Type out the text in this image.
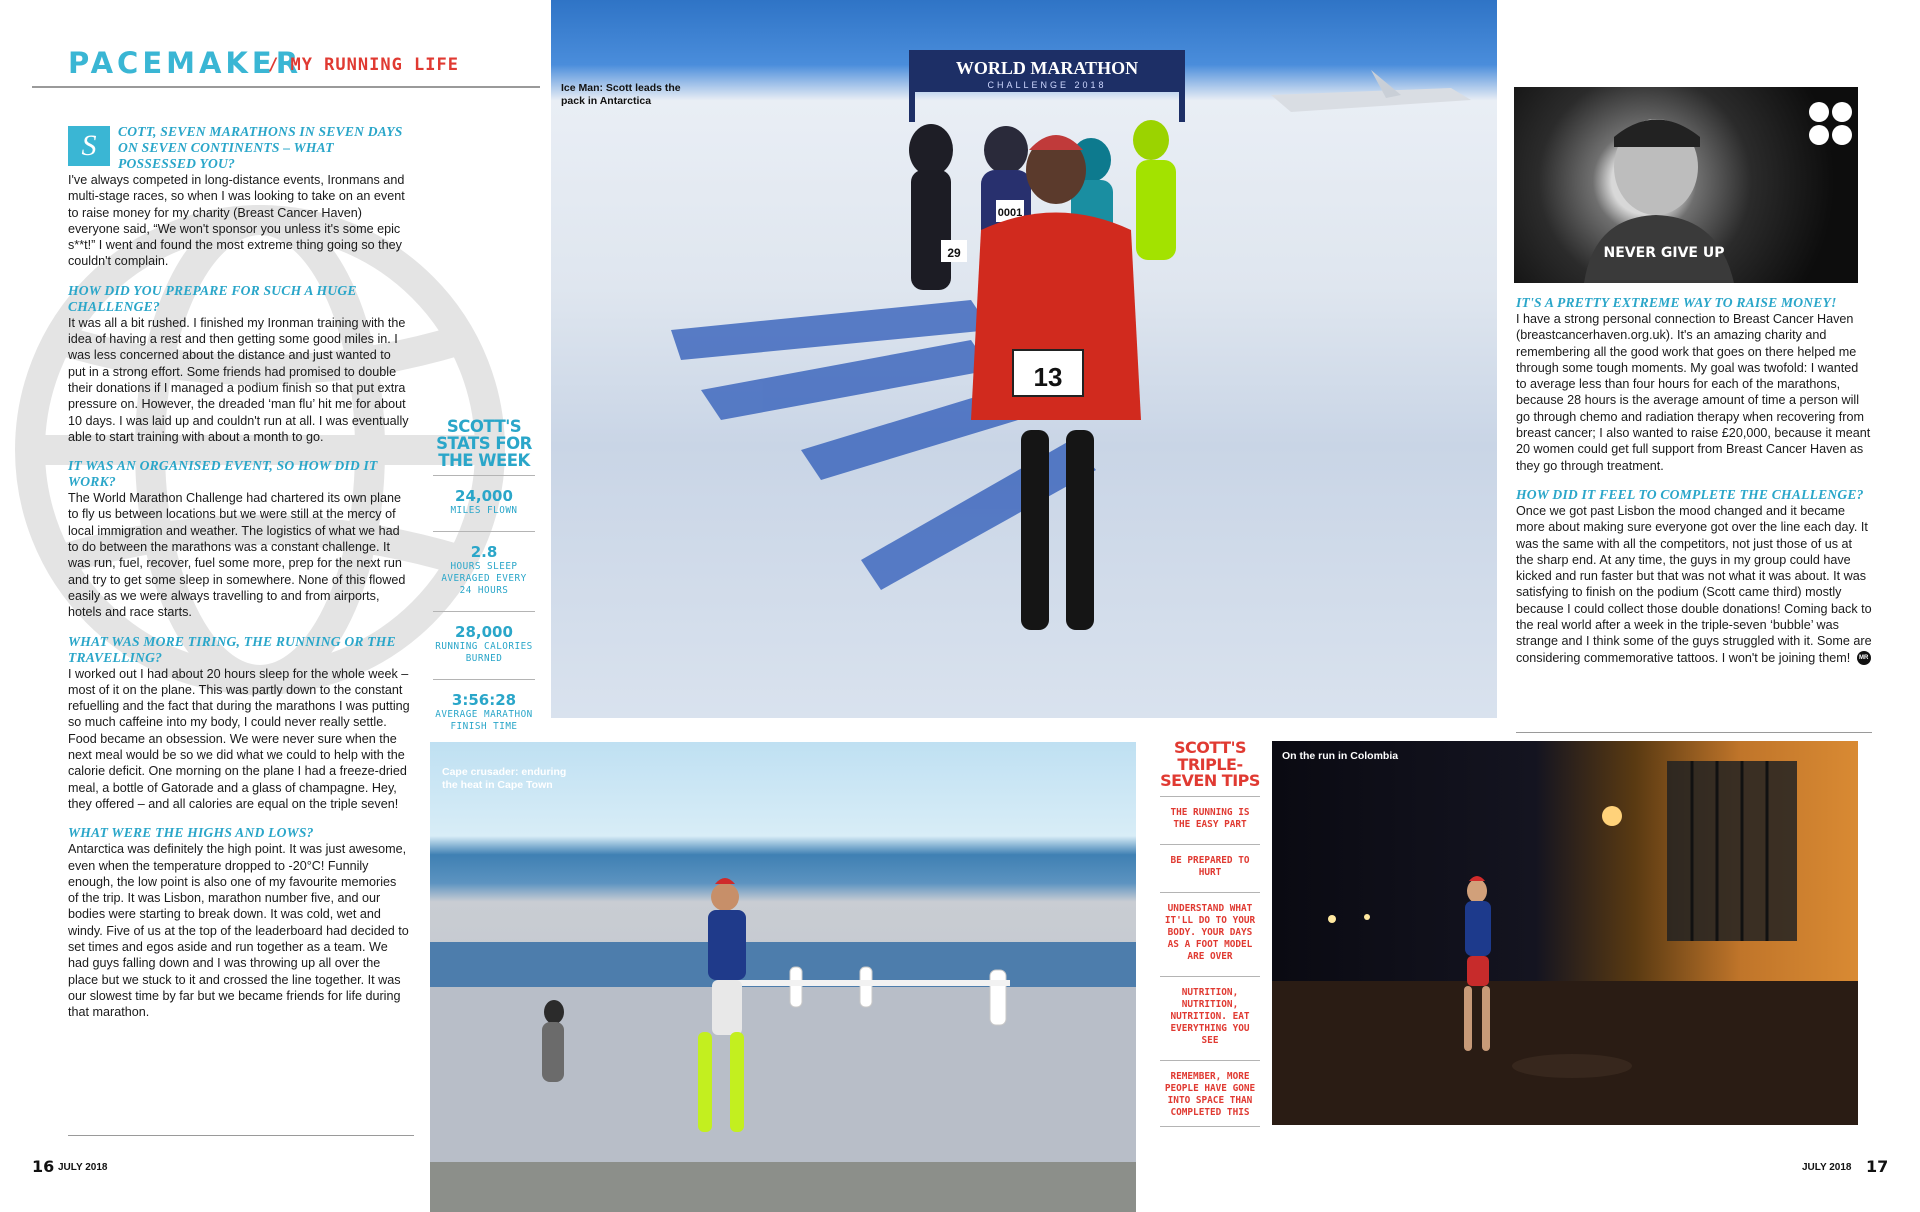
PACEMAKER
/ MY RUNNING LIFE

S	COTT, SEVEN MARATHONS IN SEVEN DAYS ON SEVEN CONTINENTS – WHAT POSSESSED YOU?
I've always competed in long-distance events, Ironmans and multi-stage races, so when I was looking to take on an event to raise money for my charity (Breast Cancer Haven) everyone said, “We won't sponsor you unless it's some epic s**t!” I went and found the most extreme thing going so they couldn't complain.

HOW DID YOU PREPARE FOR SUCH A HUGE CHALLENGE?
It was all a bit rushed. I finished my Ironman training with the idea of having a rest and then getting some good miles in. I was less concerned about the distance and just wanted to put in a strong effort. Some friends had promised to double their donations if I managed a podium finish so that put extra pressure on. However, the dreaded ‘man flu’ hit me for about 10 days. I was laid up and couldn't run at all. I was eventually able to start training with about a month to go.

IT WAS AN ORGANISED EVENT, SO HOW DID IT WORK?
The World Marathon Challenge had chartered its own plane to fly us between locations but we were still at the mercy of local immigration and weather. The logistics of what we had to do between the marathons was a constant challenge. It was run, fuel, recover, fuel some more, prep for the next run and try to get some sleep in somewhere. None of this flowed easily as we were always travelling to and from airports, hotels and race starts.

WHAT WAS MORE TIRING, THE RUNNING OR THE TRAVELLING?
I worked out I had about 20 hours sleep for the whole week – most of it on the plane. This was partly down to the constant refuelling and the fact that during the marathons I was putting so much caffeine into my body, I could never really settle. Food became an obsession. We were never sure when the next meal would be so we did what we could to help with the calorie deficit. One morning on the plane I had a freeze-dried meal, a bottle of Gatorade and a glass of champagne. Hey, they offered – and all calories are equal on the triple seven!

WHAT WERE THE HIGHS AND LOWS?
Antarctica was definitely the high point. It was just awesome, even when the temperature dropped to -20°C! Funnily enough, the low point is also one of my favourite memories of the trip. It was Lisbon, marathon number five, and our bodies were starting to break down. It was cold, wet and windy. Five of us at the top of the leaderboard had decided to set times and egos aside and run together as a team. We had guys falling down and I was throwing up all over the place but we stuck to it and crossed the line together. It was our slowest time by far but we became friends for life during that marathon.

SCOTT'S STATS FOR THE WEEK
24,000
MILES FLOWN
2.8
HOURS SLEEP AVERAGED EVERY 24 HOURS
28,000
RUNNING CALORIES BURNED
3:56:28
AVERAGE MARATHON FINISH TIME
WORLD MARATHON
CHALLENGE 2018
0001
29
13
Ice Man: Scott leads the pack in Antarctica
NEVER GIVE UP

IT'S A PRETTY EXTREME WAY TO RAISE MONEY!
I have a strong personal connection to Breast Cancer Haven (breastcancerhaven.org.uk). It's an amazing charity and remembering all the good work that goes on there helped me through some tough moments. My goal was twofold: I wanted to average less than four hours for each of the marathons, because 28 hours is the average amount of time a person will go through chemo and radiation therapy when recovering from breast cancer; I also wanted to raise £20,000, because it meant 20 women could get full support from Breast Cancer Haven as they go through treatment.

HOW DID IT FEEL TO COMPLETE THE CHALLENGE?
Once we got past Lisbon the mood changed and it became more about making sure everyone got over the line each day. It was the same with all the competitors, not just those of us at the sharp end. At any time, the guys in my group could have kicked and run faster but that was not what it was about. It was satisfying to finish on the podium (Scott came third) mostly because I could collect those double donations! Coming back to the real world after a week in the triple-seven ‘bubble’ was strange and I think some of the guys struggled with it. Some are considering commemorative tattoos. I won't be joining them! MR

Cape crusader: enduring the heat in Cape Town
SCOTT'S TRIPLE-SEVEN TIPS
THE RUNNING IS THE EASY PART
BE PREPARED TO HURT
UNDERSTAND WHAT IT'LL DO TO YOUR BODY. YOUR DAYS AS A FOOT MODEL ARE OVER
NUTRITION, NUTRITION, NUTRITION. EAT EVERYTHING YOU SEE
REMEMBER, MORE PEOPLE HAVE GONE INTO SPACE THAN COMPLETED THIS
On the run in Colombia
16 JULY 2018	JULY 2018 17
